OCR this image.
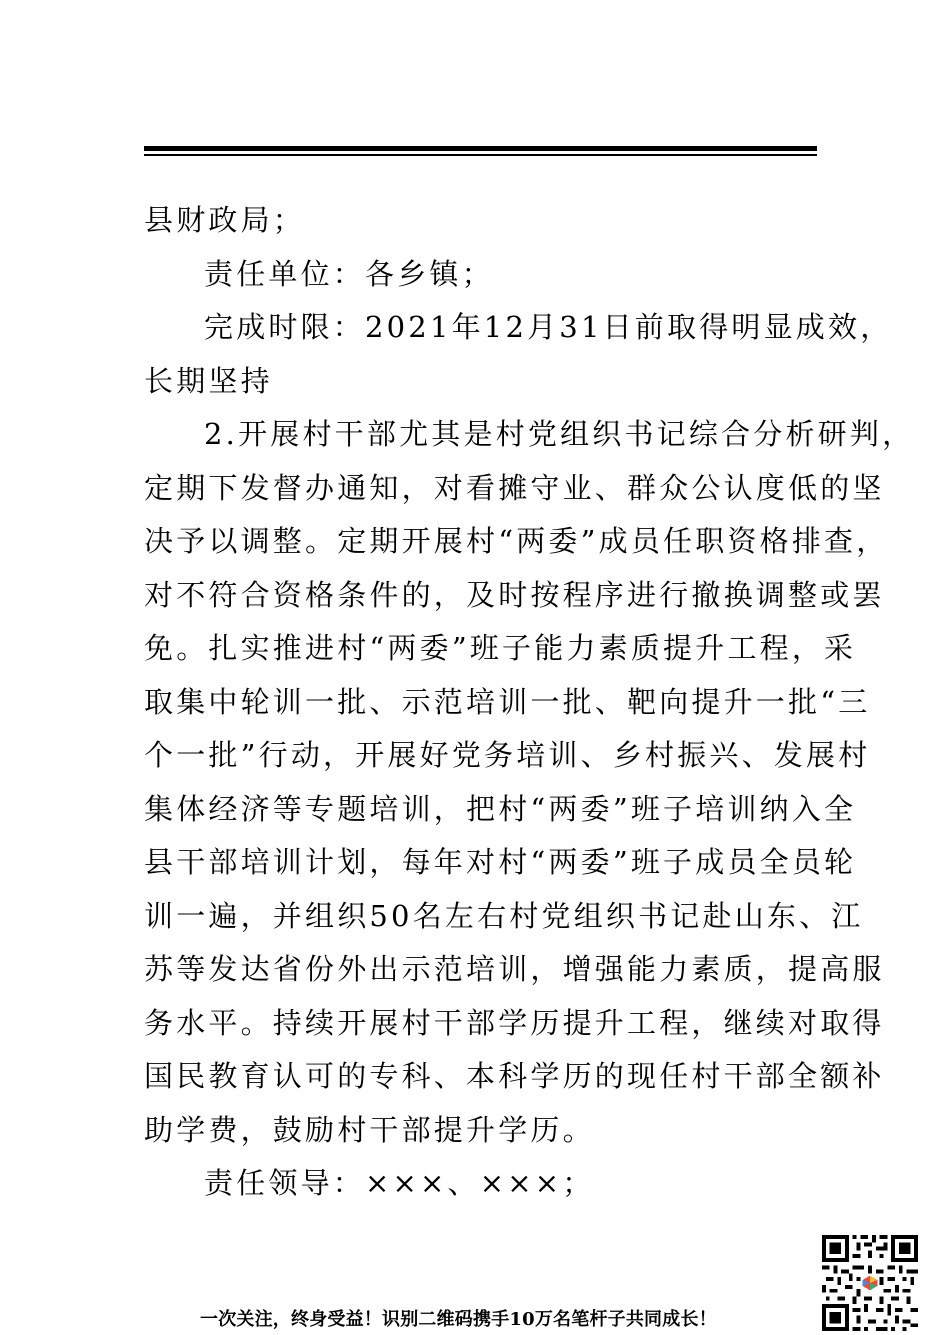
县财政局；
责任单位：各乡镇；
完成时限：2021年12月31日前取得明显成效，
长期坚持
2.开展村干部尤其是村党组织书记综合分析研判，
定期下发督办通知，对看摊守业、群众公认度低的坚
决予以调整。定期开展村“两委”成员任职资格排查，
对不符合资格条件的，及时按程序进行撤换调整或罢
免。扎实推进村“两委”班子能力素质提升工程，采
取集中轮训一批、示范培训一批、靶向提升一批“三
个一批”行动，开展好党务培训、乡村振兴、发展村
集体经济等专题培训，把村“两委”班子培训纳入全
县干部培训计划，每年对村“两委”班子成员全员轮
训一遍，并组织50名左右村党组织书记赴山东、江
苏等发达省份外出示范培训，增强能力素质，提高服
务水平。持续开展村干部学历提升工程，继续对取得
国民教育认可的专科、本科学历的现任村干部全额补
助学费，鼓励村干部提升学历。
责任领导：×××、×××；
一次关注，终身受益！识别二维码携手10万名笔杆子共同成长！
